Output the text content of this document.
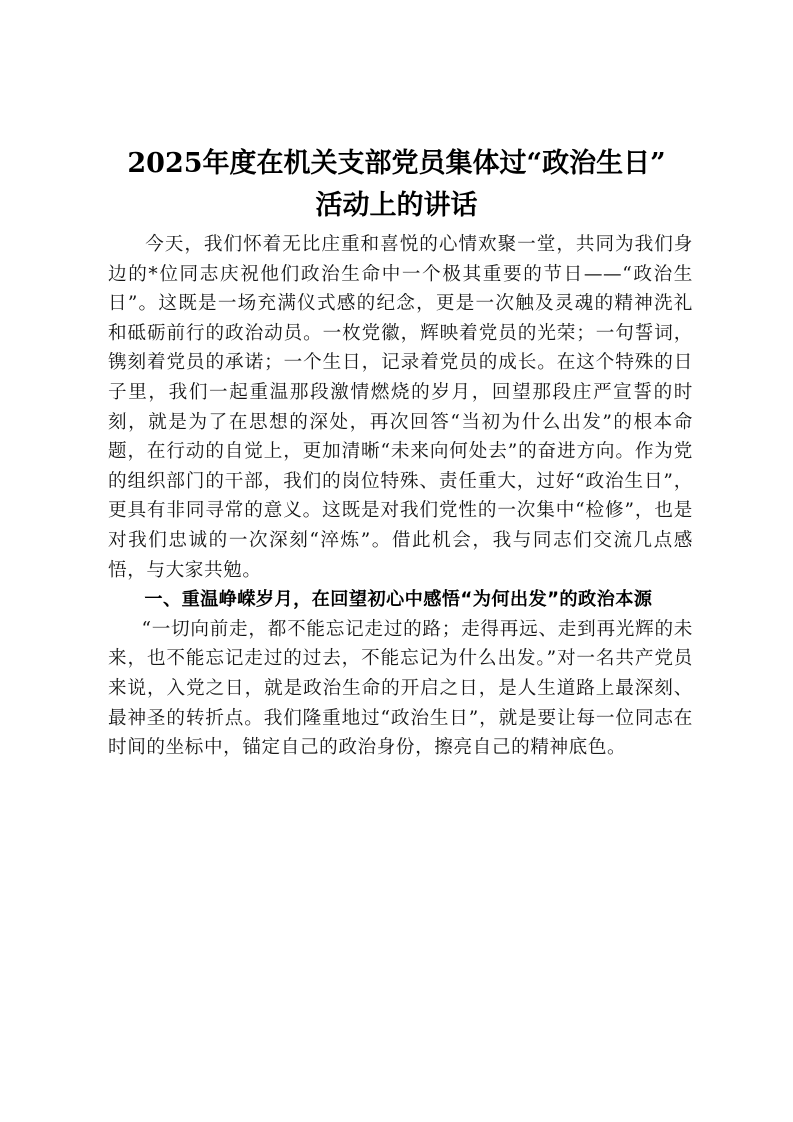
2025年度在机关支部党员集体过“政治生日”
活动上的讲话

今天，我们怀着无比庄重和喜悦的心情欢聚一堂，共同为我们身边的*位同志庆祝他们政治生命中一个极其重要的节日——“政治生日”。这既是一场充满仪式感的纪念，更是一次触及灵魂的精神洗礼和砥砺前行的政治动员。一枚党徽，辉映着党员的光荣；一句誓词，镌刻着党员的承诺；一个生日，记录着党员的成长。在这个特殊的日子里，我们一起重温那段激情燃烧的岁月，回望那段庄严宣誓的时刻，就是为了在思想的深处，再次回答“当初为什么出发”的根本命题，在行动的自觉上，更加清晰“未来向何处去”的奋进方向。作为党的组织部门的干部，我们的岗位特殊、责任重大，过好“政治生日”，更具有非同寻常的意义。这既是对我们党性的一次集中“检修”，也是对我们忠诚的一次深刻“淬炼”。借此机会，我与同志们交流几点感悟，与大家共勉。

一、重温峥嵘岁月，在回望初心中感悟“为何出发”的政治本源

“一切向前走，都不能忘记走过的路；走得再远、走到再光辉的未来，也不能忘记走过的过去，不能忘记为什么出发。”对一名共产党员来说，入党之日，就是政治生命的开启之日，是人生道路上最深刻、最神圣的转折点。我们隆重地过“政治生日”，就是要让每一位同志在时间的坐标中，锚定自己的政治身份，擦亮自己的精神底色。
